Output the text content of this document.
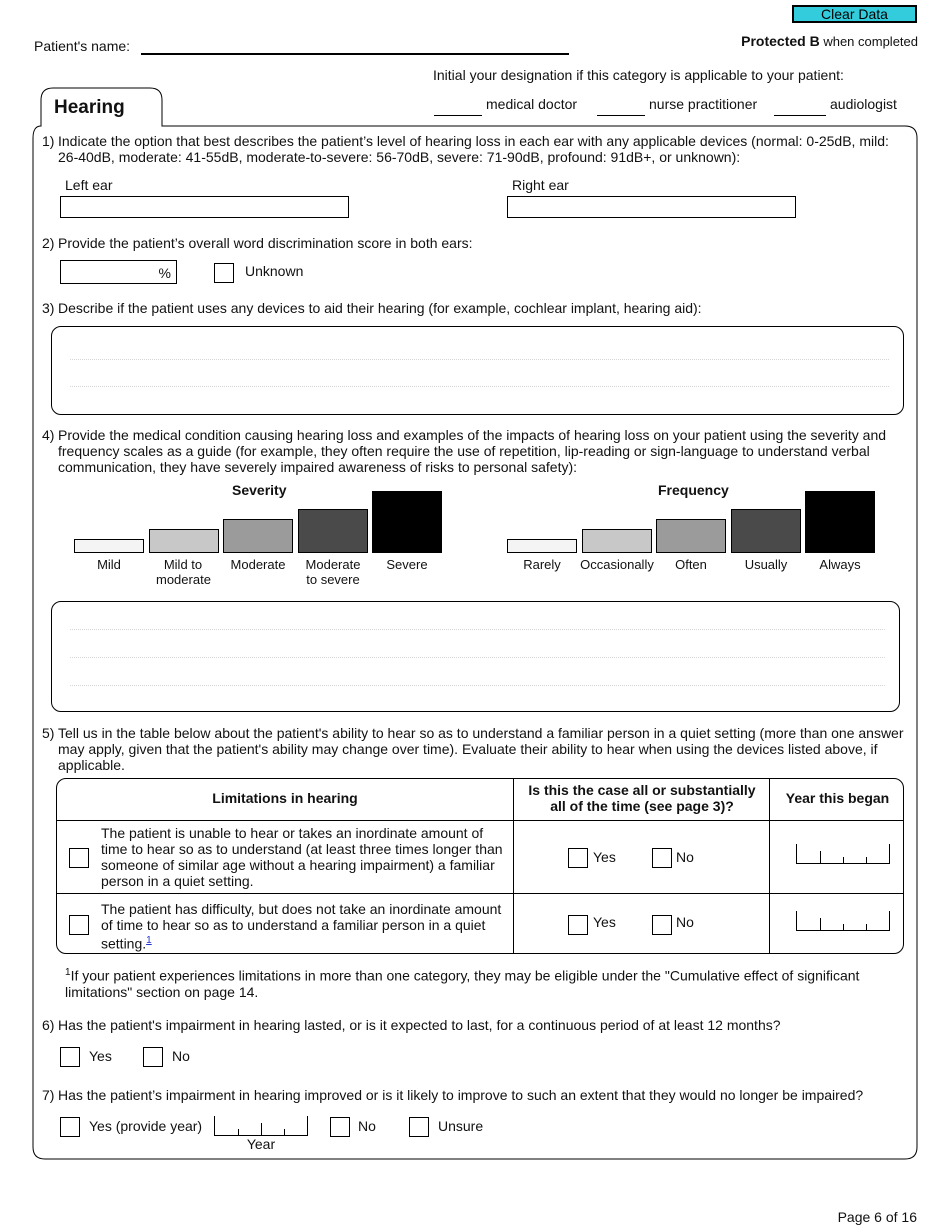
Clear Data
Protected B when completed
Patient's name:
Initial your designation if this category is applicable to your patient:
medical doctor	nurse practitioner	audiologist
Hearing
1) Indicate the option that best describes the patient’s level of hearing loss in each ear with any applicable devices (normal: 0-25dB, mild: 26-40dB, moderate: 41-55dB, moderate-to-severe: 56-70dB, severe: 71-90dB, profound: 91dB+, or unknown):
Left ear	Right ear
2) Provide the patient’s overall word discrimination score in both ears:
%	Unknown
3) Describe if the patient uses any devices to aid their hearing (for example, cochlear implant, hearing aid):
4) Provide the medical condition causing hearing loss and examples of the impacts of hearing loss on your patient using the severity and frequency scales as a guide (for example, they often require the use of repetition, lip-reading or sign-language to understand verbal communication, they have severely impaired awareness of risks to personal safety):
Severity	Frequency
Mild	Mild to moderate
Moderate	Moderate to severe
Severe	Rarely	Occasionally	Often	Usually	Always
5) Tell us in the table below about the patient's ability to hear so as to understand a familiar person in a quiet setting (more than one answer may apply, given that the patient's ability may change over time). Evaluate their ability to hear when using the devices listed above, if applicable.
Limitations in hearing	Is this the case all or substantially all of the time (see page 3)?	Year this began
The patient is unable to hear or takes an inordinate amount of time to hear so as to understand (at least three times longer than someone of similar age without a hearing impairment) a familiar person in a quiet setting.
Yes	No
The patient has difficulty, but does not take an inordinate amount of time to hear so as to understand a familiar person in a quiet setting.$^1$
Yes	No
$^1$If your patient experiences limitations in more than one category, they may be eligible under the "Cumulative effect of significant limitations" section on page 14.
6) Has the patient's impairment in hearing lasted, or is it expected to last, for a continuous period of at least 12 months?
Yes	No
7) Has the patient’s impairment in hearing improved or is it likely to improve to such an extent that they would no longer be impaired?
Yes (provide year)
Year
No	Unsure
Page 6 of 16
